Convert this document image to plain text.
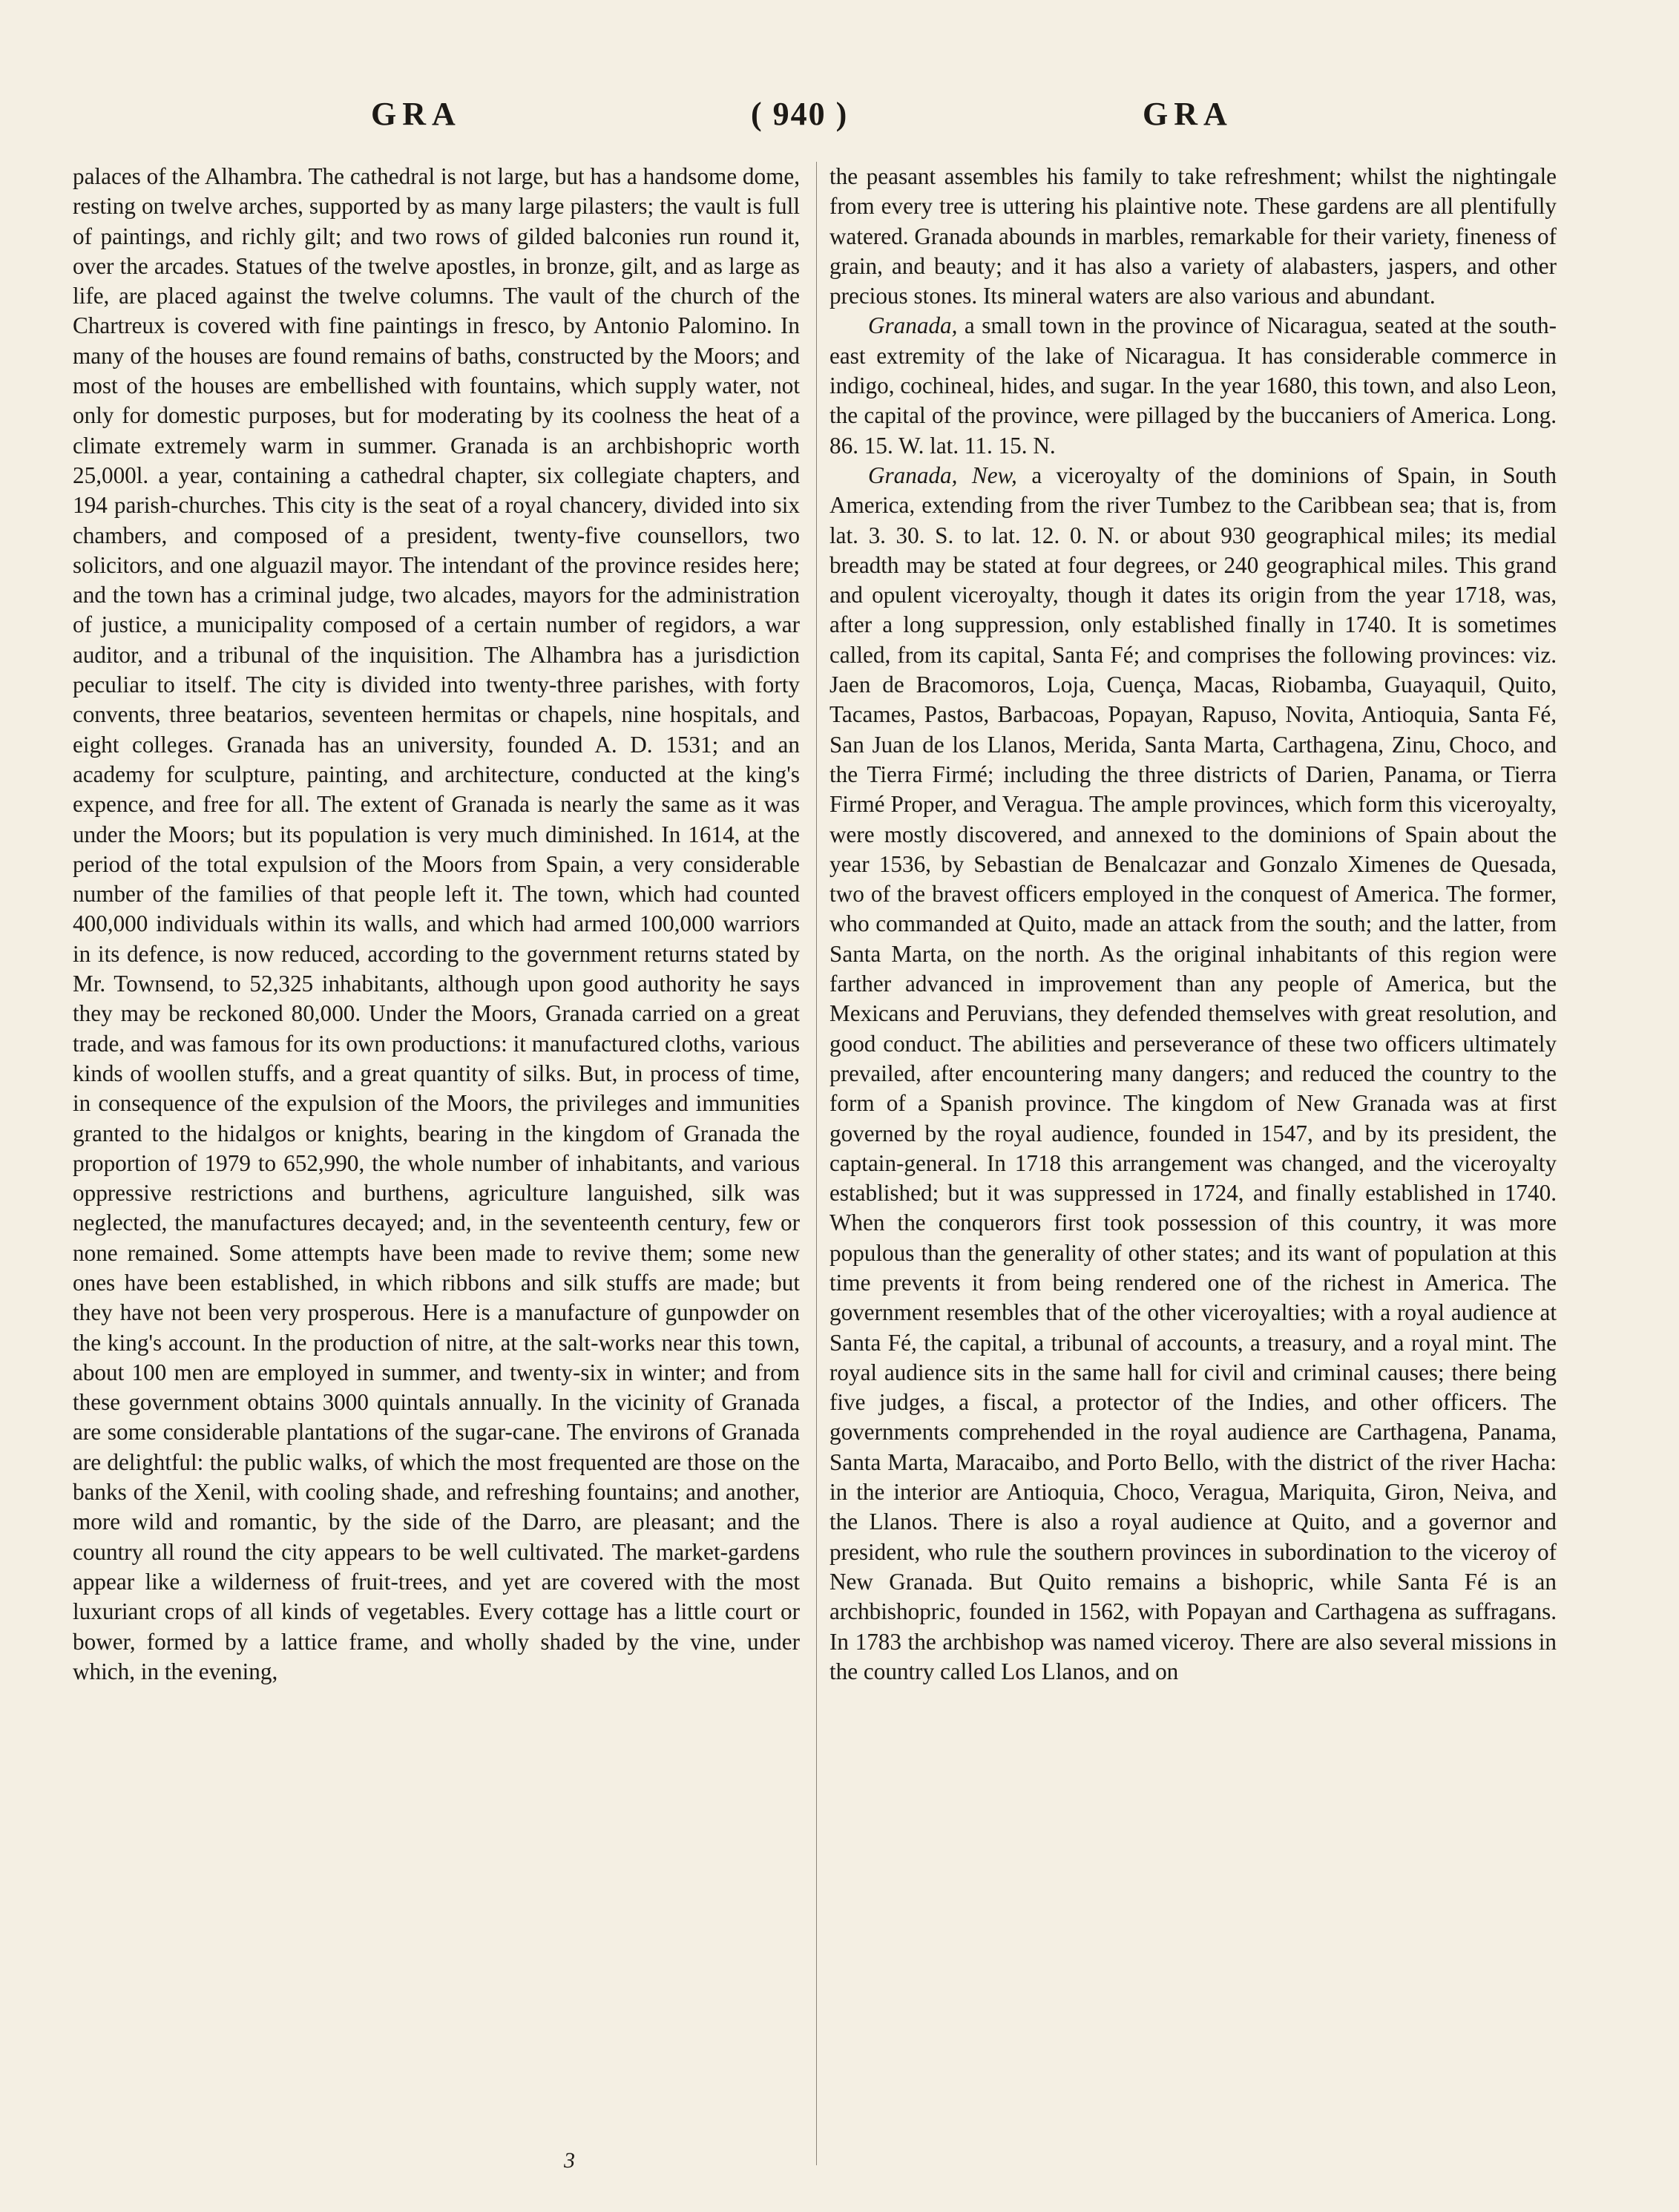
GRA	( 940 )	GRA

palaces of the Alhambra. The cathedral is not large, but has a handsome dome, resting on twelve arches, supported by as many large pilasters; the vault is full of paintings, and richly gilt; and two rows of gilded balconies run round it, over the arcades. Statues of the twelve apostles, in bronze, gilt, and as large as life, are placed against the twelve columns. The vault of the church of the Chartreux is covered with fine paintings in fresco, by Antonio Palomino. In many of the houses are found remains of baths, constructed by the Moors; and most of the houses are embellished with fountains, which supply water, not only for domestic purposes, but for moderating by its coolness the heat of a climate extremely warm in summer. Granada is an archbishopric worth 25,000l. a year, containing a cathedral chapter, six collegiate chapters, and 194 parish-churches. This city is the seat of a royal chancery, divided into six chambers, and composed of a president, twenty-five counsellors, two solicitors, and one alguazil mayor. The intendant of the province resides here; and the town has a criminal judge, two alcades, mayors for the administration of justice, a municipality composed of a certain number of regidors, a war auditor, and a tribunal of the inquisition. The Alhambra has a jurisdiction peculiar to itself. The city is divided into twenty-three parishes, with forty convents, three beatarios, seventeen hermitas or chapels, nine hospitals, and eight colleges. Granada has an university, founded A. D. 1531; and an academy for sculpture, painting, and architecture, conducted at the king's expence, and free for all. The extent of Granada is nearly the same as it was under the Moors; but its population is very much diminished. In 1614, at the period of the total expulsion of the Moors from Spain, a very considerable number of the families of that people left it. The town, which had counted 400,000 individuals within its walls, and which had armed 100,000 warriors in its defence, is now reduced, according to the government returns stated by Mr. Townsend, to 52,325 inhabitants, although upon good authority he says they may be reckoned 80,000. Under the Moors, Granada carried on a great trade, and was famous for its own productions: it manufactured cloths, various kinds of woollen stuffs, and a great quantity of silks. But, in process of time, in consequence of the expulsion of the Moors, the privileges and immunities granted to the hidalgos or knights, bearing in the kingdom of Granada the proportion of 1979 to 652,990, the whole number of inhabitants, and various oppressive restrictions and burthens, agriculture languished, silk was neglected, the manufactures decayed; and, in the seventeenth century, few or none remained. Some attempts have been made to revive them; some new ones have been established, in which ribbons and silk stuffs are made; but they have not been very prosperous. Here is a manufacture of gunpowder on the king's account. In the production of nitre, at the salt-works near this town, about 100 men are employed in summer, and twenty-six in winter; and from these government obtains 3000 quintals annually. In the vicinity of Granada are some considerable plantations of the sugar-cane. The environs of Granada are delightful: the public walks, of which the most frequented are those on the banks of the Xenil, with cooling shade, and refreshing fountains; and another, more wild and romantic, by the side of the Darro, are pleasant; and the country all round the city appears to be well cultivated. The market-gardens appear like a wilderness of fruit-trees, and yet are covered with the most luxuriant crops of all kinds of vegetables. Every cottage has a little court or bower, formed by a lattice frame, and wholly shaded by the vine, under which, in the evening,

the peasant assembles his family to take refreshment; whilst the nightingale from every tree is uttering his plaintive note. These gardens are all plentifully watered. Granada abounds in marbles, remarkable for their variety, fineness of grain, and beauty; and it has also a variety of alabasters, jaspers, and other precious stones. Its mineral waters are also various and abundant.

Granada, a small town in the province of Nicaragua, seated at the south-east extremity of the lake of Nicaragua. It has considerable commerce in indigo, cochineal, hides, and sugar. In the year 1680, this town, and also Leon, the capital of the province, were pillaged by the buccaniers of America. Long. 86. 15. W. lat. 11. 15. N.

Granada, New, a viceroyalty of the dominions of Spain, in South America, extending from the river Tumbez to the Caribbean sea; that is, from lat. 3. 30. S. to lat. 12. 0. N. or about 930 geographical miles; its medial breadth may be stated at four degrees, or 240 geographical miles. This grand and opulent viceroyalty, though it dates its origin from the year 1718, was, after a long suppression, only established finally in 1740. It is sometimes called, from its capital, Santa Fé; and comprises the following provinces: viz. Jaen de Bracomoros, Loja, Cuença, Macas, Riobamba, Guayaquil, Quito, Tacames, Pastos, Barbacoas, Popayan, Rapuso, Novita, Antioquia, Santa Fé, San Juan de los Llanos, Merida, Santa Marta, Carthagena, Zinu, Choco, and the Tierra Firmé; including the three districts of Darien, Panama, or Tierra Firmé Proper, and Veragua. The ample provinces, which form this viceroyalty, were mostly discovered, and annexed to the dominions of Spain about the year 1536, by Sebastian de Benalcazar and Gonzalo Ximenes de Quesada, two of the bravest officers employed in the conquest of America. The former, who commanded at Quito, made an attack from the south; and the latter, from Santa Marta, on the north. As the original inhabitants of this region were farther advanced in improvement than any people of America, but the Mexicans and Peruvians, they defended themselves with great resolution, and good conduct. The abilities and perseverance of these two officers ultimately prevailed, after encountering many dangers; and reduced the country to the form of a Spanish province. The kingdom of New Granada was at first governed by the royal audience, founded in 1547, and by its president, the captain-general. In 1718 this arrangement was changed, and the viceroyalty established; but it was suppressed in 1724, and finally established in 1740. When the conquerors first took possession of this country, it was more populous than the generality of other states; and its want of population at this time prevents it from being rendered one of the richest in America. The government resembles that of the other viceroyalties; with a royal audience at Santa Fé, the capital, a tribunal of accounts, a treasury, and a royal mint. The royal audience sits in the same hall for civil and criminal causes; there being five judges, a fiscal, a protector of the Indies, and other officers. The governments comprehended in the royal audience are Carthagena, Panama, Santa Marta, Maracaibo, and Porto Bello, with the district of the river Hacha: in the interior are Antioquia, Choco, Veragua, Mariquita, Giron, Neiva, and the Llanos. There is also a royal audience at Quito, and a governor and president, who rule the southern provinces in subordination to the viceroy of New Granada. But Quito remains a bishopric, while Santa Fé is an archbishopric, founded in 1562, with Popayan and Carthagena as suffragans. In 1783 the archbishop was named viceroy. There are also several missions in the country called Los Llanos, and on

3
